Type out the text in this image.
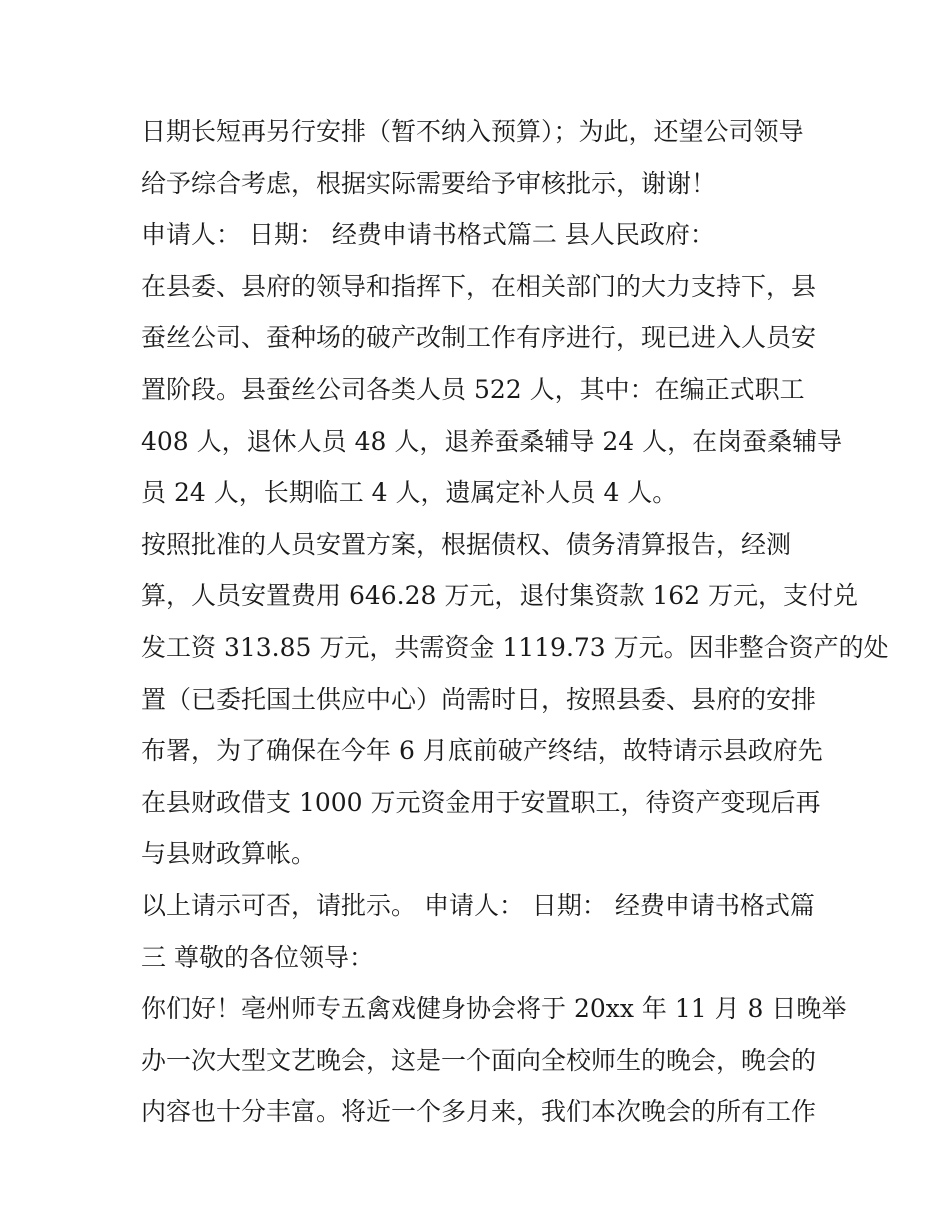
日期长短再另行安排（暂不纳入预算）；为此，还望公司领导
给予综合考虑，根据实际需要给予审核批示，谢谢！
申请人： 日期： 经费申请书格式篇二 县人民政府：
在县委、县府的领导和指挥下，在相关部门的大力支持下，县
蚕丝公司、蚕种场的破产改制工作有序进行，现已进入人员安
置阶段。县蚕丝公司各类人员 522 人，其中：在编正式职工
408 人，退休人员 48 人，退养蚕桑辅导 24 人，在岗蚕桑辅导
员 24 人，长期临工 4 人，遗属定补人员 4 人。
按照批准的人员安置方案，根据债权、债务清算报告，经测
算，人员安置费用 646.28 万元，退付集资款 162 万元，支付兑
发工资 313.85 万元，共需资金 1119.73 万元。因非整合资产的处
置（已委托国土供应中心）尚需时日，按照县委、县府的安排
布署，为了确保在今年 6 月底前破产终结，故特请示县政府先
在县财政借支 1000 万元资金用于安置职工，待资产变现后再
与县财政算帐。
以上请示可否，请批示。 申请人： 日期： 经费申请书格式篇
三 尊敬的各位领导：
你们好！亳州师专五禽戏健身协会将于 20xx 年 11 月 8 日晚举
办一次大型文艺晚会，这是一个面向全校师生的晚会，晚会的
内容也十分丰富。将近一个多月来，我们本次晚会的所有工作
